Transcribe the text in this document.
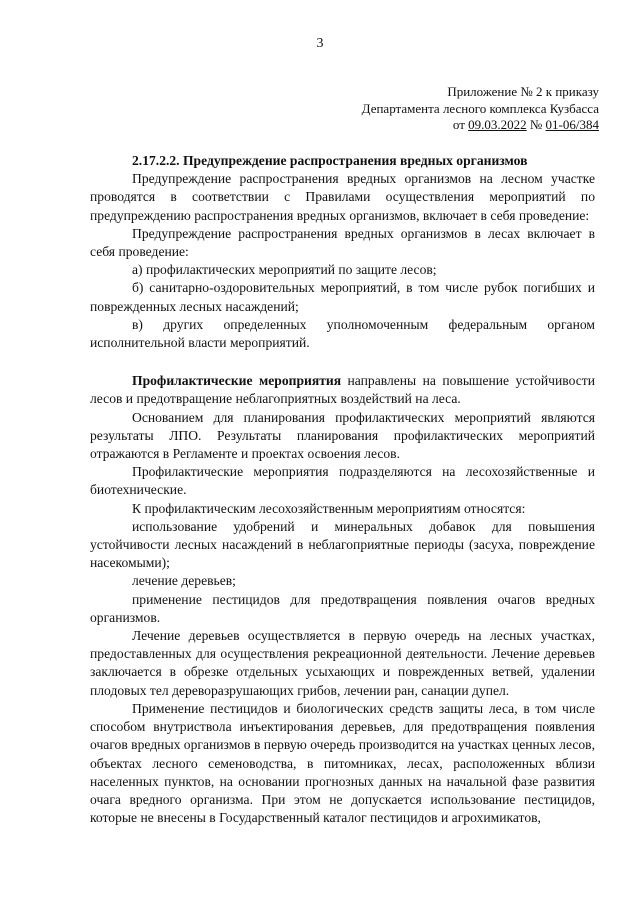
3
Приложение № 2 к приказу
Департамента лесного комплекса Кузбасса
от 09.03.2022 № 01-06/384
2.17.2.2. Предупреждение распространения вредных организмов

Предупреждение распространения вредных организмов на лесном участке проводятся в соответствии с Правилами осуществления мероприятий по предупреждению распространения вредных организмов, включает в себя проведение:

Предупреждение распространения вредных организмов в лесах включает в себя проведение:

а) профилактических мероприятий по защите лесов;

б) санитарно-оздоровительных мероприятий, в том числе рубок погибших и поврежденных лесных насаждений;

в) других определенных уполномоченным федеральным органом исполнительной власти мероприятий.

Профилактические мероприятия направлены на повышение устойчивости лесов и предотвращение неблагоприятных воздействий на леса.

Основанием для планирования профилактических мероприятий являются результаты ЛПО. Результаты планирования профилактических мероприятий отражаются в Регламенте и проектах освоения лесов.

Профилактические мероприятия подразделяются на лесохозяйственные и биотехнические.

К профилактическим лесохозяйственным мероприятиям относятся:

использование удобрений и минеральных добавок для повышения устойчивости лесных насаждений в неблагоприятные периоды (засуха, повреждение насекомыми);

лечение деревьев;

применение пестицидов для предотвращения появления очагов вредных организмов.

Лечение деревьев осуществляется в первую очередь на лесных участках, предоставленных для осуществления рекреационной деятельности. Лечение деревьев заключается в обрезке отдельных усыхающих и поврежденных ветвей, удалении плодовых тел дереворазрушающих грибов, лечении ран, санации дупел.

Применение пестицидов и биологических средств защиты леса, в том числе способом внутриствола инъектирования деревьев, для предотвращения появления очагов вредных организмов в первую очередь производится на участках ценных лесов, объектах лесного семеноводства, в питомниках, лесах, расположенных вблизи населенных пунктов, на основании прогнозных данных на начальной фазе развития очага вредного организма. При этом не допускается использование пестицидов, которые не внесены в Государственный каталог пестицидов и агрохимикатов,
